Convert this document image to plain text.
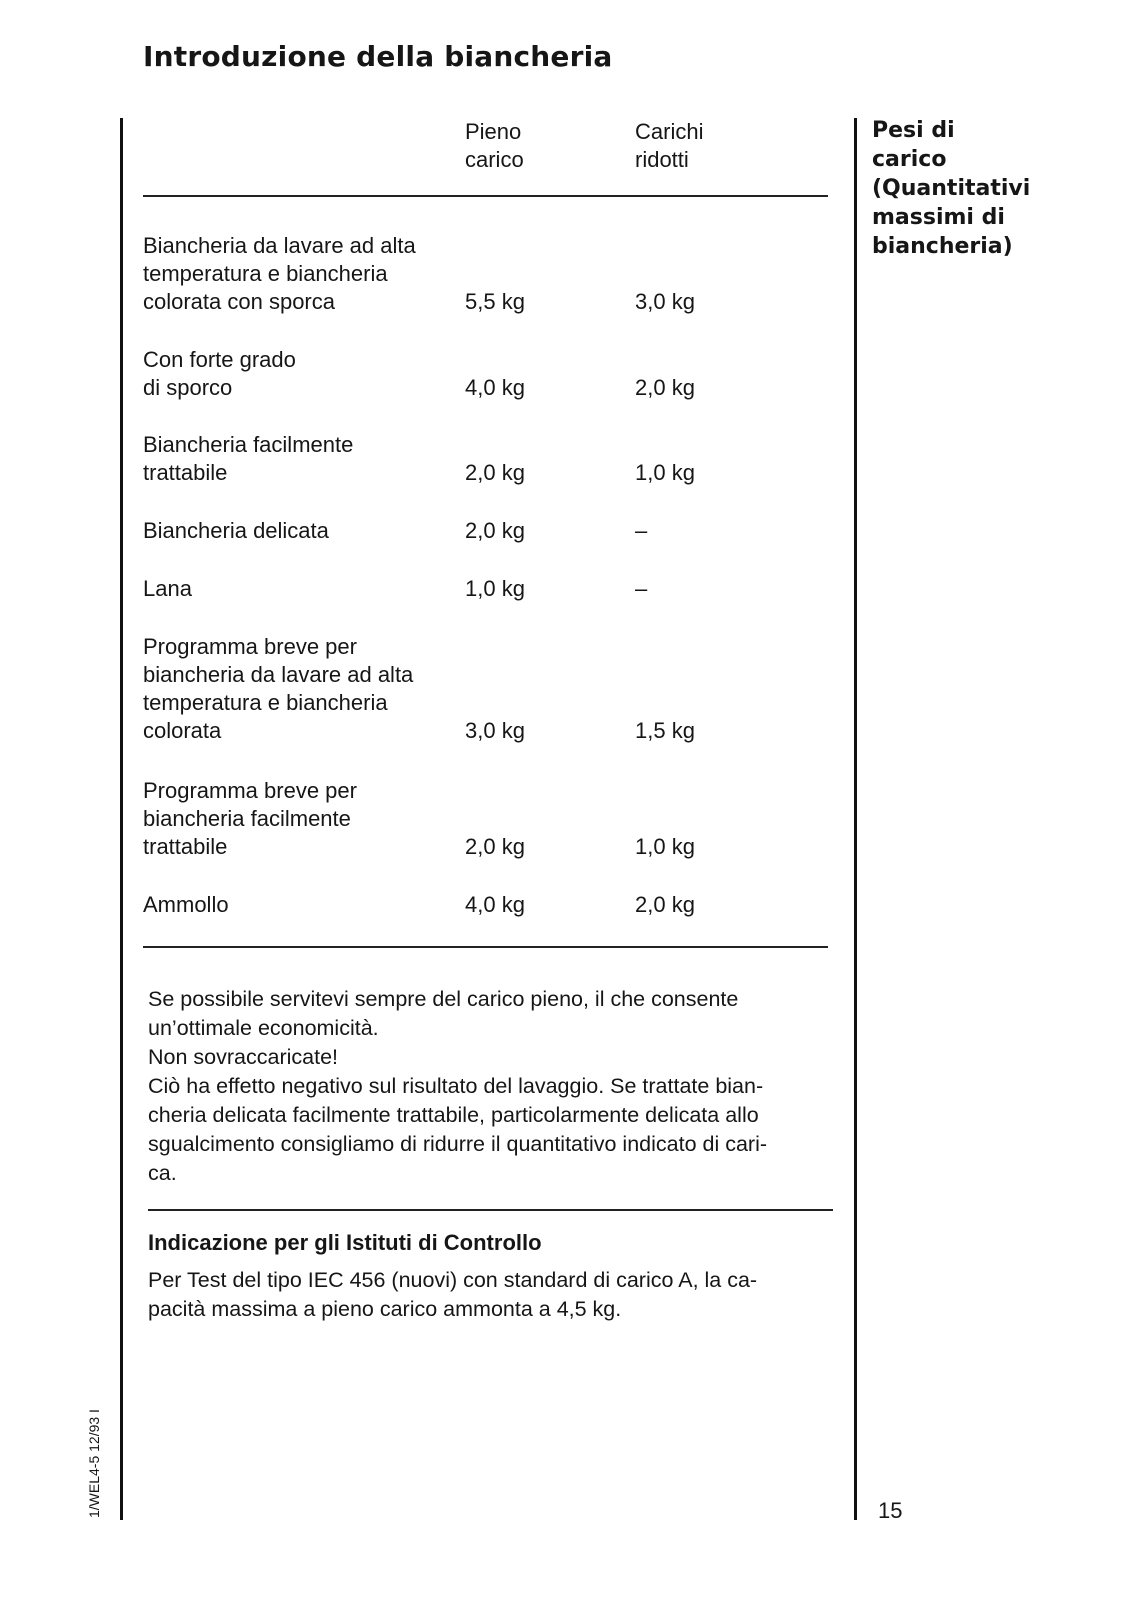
Introduzione della biancheria
1/WEL4-5 12/93 I
Pieno
carico
Carichi
ridotti
Biancheria da lavare ad alta
temperatura e biancheria
colorata con sporca	5,5 kg	3,0 kg
Con forte grado
di sporco	4,0 kg	2,0 kg
Biancheria facilmente
trattabile	2,0 kg	1,0 kg
Biancheria delicata	2,0 kg	–
Lana	1,0 kg	–
Programma breve per
biancheria da lavare ad alta
temperatura e biancheria
colorata	3,0 kg	1,5 kg
Programma breve per
biancheria facilmente
trattabile	2,0 kg	1,0 kg
Ammollo	4,0 kg	2,0 kg

Se possibile servitevi sempre del carico pieno, il che consente
un’ottimale economicità.
Non sovraccaricate!
Ciò ha effetto negativo sul risultato del lavaggio. Se trattate bian-
cheria delicata facilmente trattabile, particolarmente delicata allo
sgualcimento consigliamo di ridurre il quantitativo indicato di cari-
ca.

Indicazione per gli Istituti di Controllo

Per Test del tipo IEC 456 (nuovi) con standard di carico A, la ca-
pacità massima a pieno carico ammonta a 4,5 kg.

Pesi di
carico
(Quantitativi
massimi di
biancheria)
15
